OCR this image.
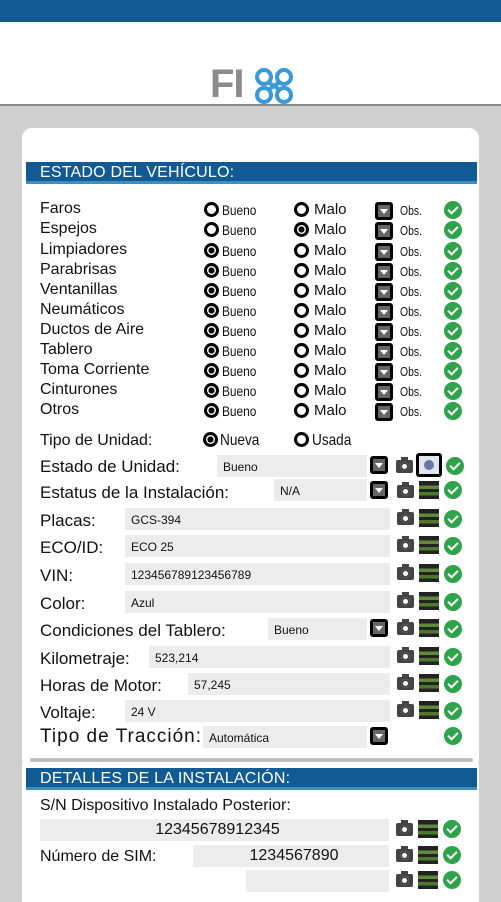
FI
ESTADO DEL VEHÍCULO:
Faros	Bueno	Malo	Obs.
Espejos	Bueno	Malo	Obs.
Limpiadores	Bueno	Malo	Obs.
Parabrisas	Bueno	Malo	Obs.
Ventanillas	Bueno	Malo	Obs.
Neumáticos	Bueno	Malo	Obs.
Ductos de Aire	Bueno	Malo	Obs.
Tablero	Bueno	Malo	Obs.
Toma Corriente	Bueno	Malo	Obs.
Cinturones	Bueno	Malo	Obs.
Otros	Bueno	Malo	Obs.
Tipo de Unidad:	Nueva	Usada
Estado de Unidad:	Bueno
Estatus de la Instalación:	N/A
Placas:	GCS-394
ECO/ID:	ECO 25
VIN:	123456789123456789
Color:	Azul
Condiciones del Tablero:	Bueno
Kilometraje:	523,214
Horas de Motor:	57,245
Voltaje:	24 V
Tipo de Tracción: Automática
DETALLES DE LA INSTALACIÓN:
S/N Dispositivo Instalado Posterior:
12345678912345
Número de SIM:	1234567890
